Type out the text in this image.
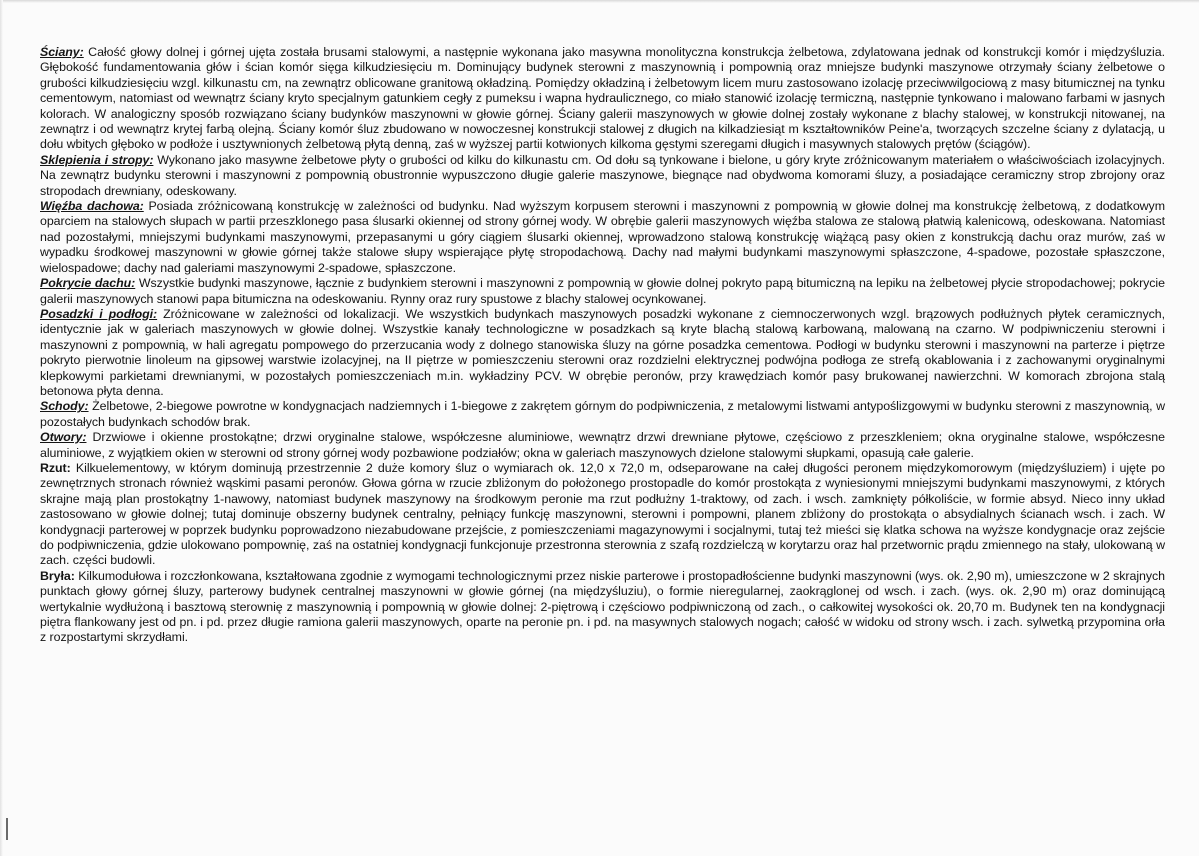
Ściany: Całość głowy dolnej i górnej ujęta została brusami stalowymi, a następnie wykonana jako masywna monolityczna konstrukcja żelbetowa, zdylatowana jednak od konstrukcji komór i międzyśluzia. Głębokość fundamentowania głów i ścian komór sięga kilkudziesięciu m. Dominujący budynek sterowni z maszynownią i pompownią oraz mniejsze budynki maszynowe otrzymały ściany żelbetowe o grubości kilkudziesięciu wzgl. kilkunastu cm, na zewnątrz oblicowane granitową okładziną. Pomiędzy okładziną i żelbetowym licem muru zastosowano izolację przeciwwilgociową z masy bitumicznej na tynku cementowym, natomiast od wewnątrz ściany kryto specjalnym gatunkiem cegły z pumeksu i wapna hydraulicznego, co miało stanowić izolację termiczną, następnie tynkowano i malowano farbami w jasnych kolorach. W analogiczny sposób rozwiązano ściany budynków maszynowni w głowie górnej. Ściany galerii maszynowych w głowie dolnej zostały wykonane z blachy stalowej, w konstrukcji nitowanej, na zewnątrz i od wewnątrz krytej farbą olejną. Ściany komór śluz zbudowano w nowoczesnej konstrukcji stalowej z długich na kilkadziesiąt m kształtowników Peine'a, tworzących szczelne ściany z dylatacją, u dołu wbitych głęboko w podłoże i usztywnionych żelbetową płytą denną, zaś w wyższej partii kotwionych kilkoma gęstymi szeregami długich i masywnych stalowych prętów (ściągów).

Sklepienia i stropy: Wykonano jako masywne żelbetowe płyty o grubości od kilku do kilkunastu cm. Od dołu są tynkowane i bielone, u góry kryte zróżnicowanym materiałem o właściwościach izolacyjnych. Na zewnątrz budynku sterowni i maszynowni z pompownią obustronnie wypuszczono długie galerie maszynowe, biegnące nad obydwoma komorami śluzy, a posiadające ceramiczny strop zbrojony oraz stropodach drewniany, odeskowany.

Więźba dachowa: Posiada zróżnicowaną konstrukcję w zależności od budynku. Nad wyższym korpusem sterowni i maszynowni z pompownią w głowie dolnej ma konstrukcję żelbetową, z dodatkowym oparciem na stalowych słupach w partii przeszklonego pasa ślusarki okiennej od strony górnej wody. W obrębie galerii maszynowych więźba stalowa ze stalową płatwią kalenicową, odeskowana. Natomiast nad pozostałymi, mniejszymi budynkami maszynowymi, przepasanymi u góry ciągiem ślusarki okiennej, wprowadzono stalową konstrukcję wiążącą pasy okien z konstrukcją dachu oraz murów, zaś w wypadku środkowej maszynowni w głowie górnej także stalowe słupy wspierające płytę stropodachową. Dachy nad małymi budynkami maszynowymi spłaszczone, 4-spadowe, pozostałe spłaszczone, wielospadowe; dachy nad galeriami maszynowymi 2-spadowe, spłaszczone.

Pokrycie dachu: Wszystkie budynki maszynowe, łącznie z budynkiem sterowni i maszynowni z pompownią w głowie dolnej pokryto papą bitumiczną na lepiku na żelbetowej płycie stropodachowej; pokrycie galerii maszynowych stanowi papa bitumiczna na odeskowaniu. Rynny oraz rury spustowe z blachy stalowej ocynkowanej.

Posadzki i podłogi: Zróżnicowane w zależności od lokalizacji. We wszystkich budynkach maszynowych posadzki wykonane z ciemnoczerwonych wzgl. brązowych podłużnych płytek ceramicznych, identycznie jak w galeriach maszynowych w głowie dolnej. Wszystkie kanały technologiczne w posadzkach są kryte blachą stalową karbowaną, malowaną na czarno. W podpiwniczeniu sterowni i maszynowni z pompownią, w hali agregatu pompowego do przerzucania wody z dolnego stanowiska śluzy na górne posadzka cementowa. Podłogi w budynku sterowni i maszynowni na parterze i piętrze pokryto pierwotnie linoleum na gipsowej warstwie izolacyjnej, na II piętrze w pomieszczeniu sterowni oraz rozdzielni elektrycznej podwójna podłoga ze strefą okablowania i z zachowanymi oryginalnymi klepkowymi parkietami drewnianymi, w pozostałych pomieszczeniach m.in. wykładziny PCV. W obrębie peronów, przy krawędziach komór pasy brukowanej nawierzchni. W komorach zbrojona stalą betonowa płyta denna.

Schody: Żelbetowe, 2-biegowe powrotne w kondygnacjach nadziemnych i 1-biegowe z zakrętem górnym do podpiwniczenia, z metalowymi listwami antypoślizgowymi w budynku sterowni z maszynownią, w pozostałych budynkach schodów brak.

Otwory: Drzwiowe i okienne prostokątne; drzwi oryginalne stalowe, współczesne aluminiowe, wewnątrz drzwi drewniane płytowe, częściowo z przeszkleniem; okna oryginalne stalowe, współczesne aluminiowe, z wyjątkiem okien w sterowni od strony górnej wody pozbawione podziałów; okna w galeriach maszynowych dzielone stalowymi słupkami, opasują całe galerie.

Rzut: Kilkuelementowy, w którym dominują przestrzennie 2 duże komory śluz o wymiarach ok. 12,0 x 72,0 m, odseparowane na całej długości peronem międzykomorowym (międzyśluziem) i ujęte po zewnętrznych stronach również wąskimi pasami peronów. Głowa górna w rzucie zbliżonym do położonego prostopadle do komór prostokąta z wyniesionymi mniejszymi budynkami maszynowymi, z których skrajne mają plan prostokątny 1-nawowy, natomiast budynek maszynowy na środkowym peronie ma rzut podłużny 1-traktowy, od zach. i wsch. zamknięty półkoliście, w formie absyd. Nieco inny układ zastosowano w głowie dolnej; tutaj dominuje obszerny budynek centralny, pełniący funkcję maszynowni, sterowni i pompowni, planem zbliżony do prostokąta o absydialnych ścianach wsch. i zach. W kondygnacji parterowej w poprzek budynku poprowadzono niezabudowane przejście, z pomieszczeniami magazynowymi i socjalnymi, tutaj też mieści się klatka schowa na wyższe kondygnacje oraz zejście do podpiwniczenia, gdzie ulokowano pompownię, zaś na ostatniej kondygnacji funkcjonuje przestronna sterownia z szafą rozdzielczą w korytarzu oraz hal przetwornic prądu zmiennego na stały, ulokowaną w zach. części budowli.

Bryła: Kilkumodułowa i rozczłonkowana, kształtowana zgodnie z wymogami technologicznymi przez niskie parterowe i prostopadłościenne budynki maszynowni (wys. ok. 2,90 m), umieszczone w 2 skrajnych punktach głowy górnej śluzy, parterowy budynek centralnej maszynowni w głowie górnej (na międzyśluziu), o formie nieregularnej, zaokrąglonej od wsch. i zach. (wys. ok. 2,90 m) oraz dominującą wertykalnie wydłużoną i basztową sterownię z maszynownią i pompownią w głowie dolnej: 2-piętrową i częściowo podpiwniczoną od zach., o całkowitej wysokości ok. 20,70 m. Budynek ten na kondygnacji piętra flankowany jest od pn. i pd. przez długie ramiona galerii maszynowych, oparte na peronie pn. i pd. na masywnych stalowych nogach; całość w widoku od strony wsch. i zach. sylwetką przypomina orła z rozpostartymi skrzydłami.
